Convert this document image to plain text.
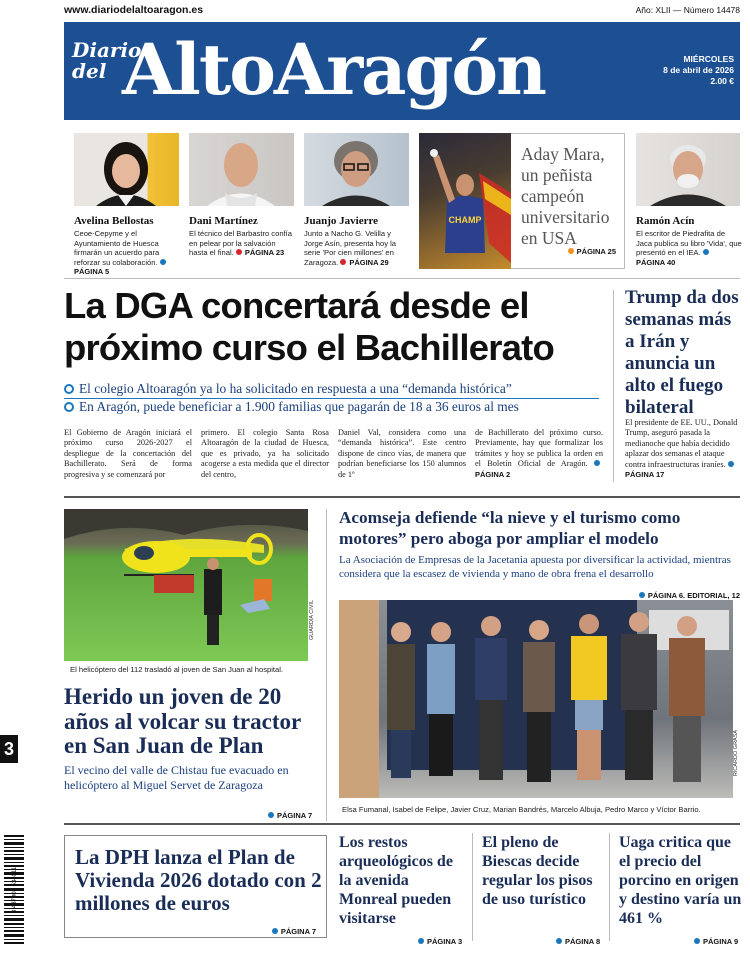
www.diariodelaltoaragon.es	Año: XLII — Número 14478
Diario del AltoAragón	MIÉRCOLES
8 de abril de 2026
2.00 €
Avelina Bellostas
Ceoe-Cepyme y el Ayuntamiento de Huesca firmarán un acuerdo para reforzar su colaboración. PÁGINA 5
Dani Martínez
El técnico del Barbastro confía en pelear por la salvación hasta el final. PÁGINA 23
Juanjo Javierre
Junto a Nacho G. Velilla y Jorge Asín, presenta hoy la serie 'Por cien millones' en Zaragoza. PÁGINA 29
CHAMP
Aday Mara, un peñista campeón universitario en USA
PÁGINA 25
Ramón Acín
El escritor de Piedrafita de Jaca publica su libro 'Vida', que presentó en el IEA. PÁGINA 40
La DGA concertará desde el próximo curso el Bachillerato
El colegio Altoaragón ya lo ha solicitado en respuesta a una “demanda histórica”
En Aragón, puede beneficiar a 1.900 familias que pagarán de 18 a 36 euros al mes
El Gobierno de Aragón iniciará el próximo curso 2026-2027 el despliegue de la concertación del Bachillerato. Será de forma progresiva y se comenzará por
primero. El colegio Santa Rosa Altoaragón de la ciudad de Huesca, que es privado, ya ha solicitado acogerse a esta medida que el director del centro,
Daniel Val, considera como una “demanda histórica”. Este centro dispone de cinco vías, de manera que podrían beneficiarse los 150 alumnos de 1º
de Bachillerato del próximo curso. Previamente, hay que formalizar los trámites y hoy se publica la orden en el Boletín Oficial de Aragón. PÁGINA 2
Trump da dos semanas más a Irán y anuncia un alto el fuego bilateral
El presidente de EE. UU., Donald Trump, aseguró pasada la medianoche que había decidido aplazar dos semanas el ataque contra infraestructuras iraníes. PÁGINA 17
GUARDIA CIVIL
El helicóptero del 112 trasladó al joven de San Juan al hospital.
Herido un joven de 20 años al volcar su tractor en San Juan de Plan
El vecino del valle de Chistau fue evacuado en helicóptero al Miguel Servet de Zaragoza
PÁGINA 7
Acomseja defiende “la nieve y el turismo como motores” pero aboga por ampliar el modelo
La Asociación de Empresas de la Jacetania apuesta por diversificar la actividad, mientras considera que la escasez de vivienda y mano de obra frena el desarrollo
PÁGINA 6. EDITORIAL, 12
RICARDO GRASA
Elsa Fumanal, Isabel de Felipe, Javier Cruz, Marian Bandrés, Marcelo Albuja, Pedro Marco y Víctor Barrio.
La DPH lanza el Plan de Vivienda 2026 dotado con 2 millones de euros
PÁGINA 7
Los restos arqueológicos de la avenida Monreal pueden visitarse
PÁGINA 3
El pleno de Biescas decide regular los pisos de uso turístico
PÁGINA 8
Uaga critica que el precio del porcino en origen y destino varía un 461 %
PÁGINA 9
3
8 437008 534011
